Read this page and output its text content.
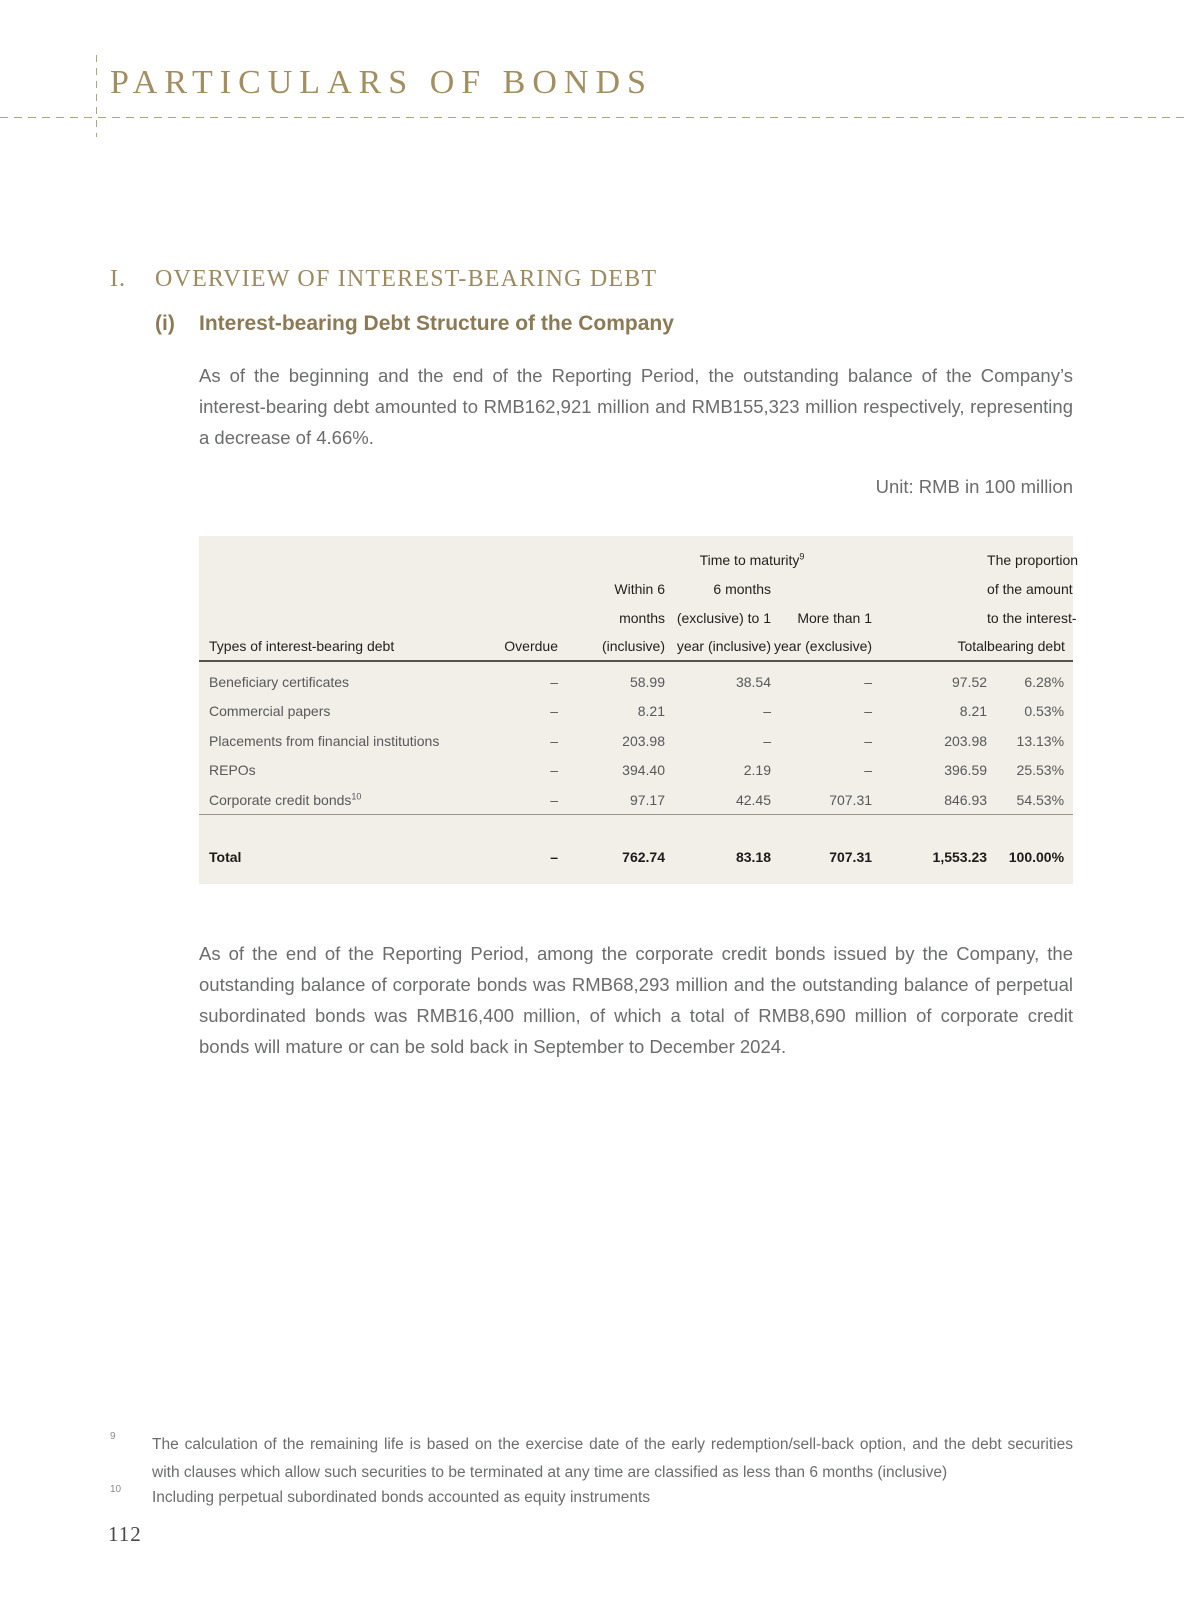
PARTICULARS OF BONDS
I. OVERVIEW OF INTEREST-BEARING DEBT
(i) Interest-bearing Debt Structure of the Company
As of the beginning and the end of the Reporting Period, the outstanding balance of the Company’s interest-bearing debt amounted to RMB162,921 million and RMB155,323 million respectively, representing a decrease of 4.66%.
Unit: RMB in 100 million
		Time to maturity$^9$				The proportion
		Within 6	6 months			of the amount
		months	(exclusive) to 1	More than 1		to the interest-
Types of interest-bearing debt	Overdue	(inclusive)	year (inclusive)	year (exclusive)	Total	bearing debt

Beneficiary certificates	–	58.99	38.54	–	97.52	6.28%
Commercial papers	–	8.21	–	–	8.21	0.53%
Placements from financial institutions	–	203.98	–	–	203.98	13.13%
REPOs	–	394.40	2.19	–	396.59	25.53%
Corporate credit bonds$^{10}$	–	97.17	42.45	707.31	846.93	54.53%

Total	–	762.74	83.18	707.31	1,553.23	100.00%
As of the end of the Reporting Period, among the corporate credit bonds issued by the Company, the outstanding balance of corporate bonds was RMB68,293 million and the outstanding balance of perpetual subordinated bonds was RMB16,400 million, of which a total of RMB8,690 million of corporate credit bonds will mature or can be sold back in September to December 2024.
9 The calculation of the remaining life is based on the exercise date of the early redemption/sell-back option, and the debt securities with clauses which allow such securities to be terminated at any time are classified as less than 6 months (inclusive)
10 Including perpetual subordinated bonds accounted as equity instruments
112
